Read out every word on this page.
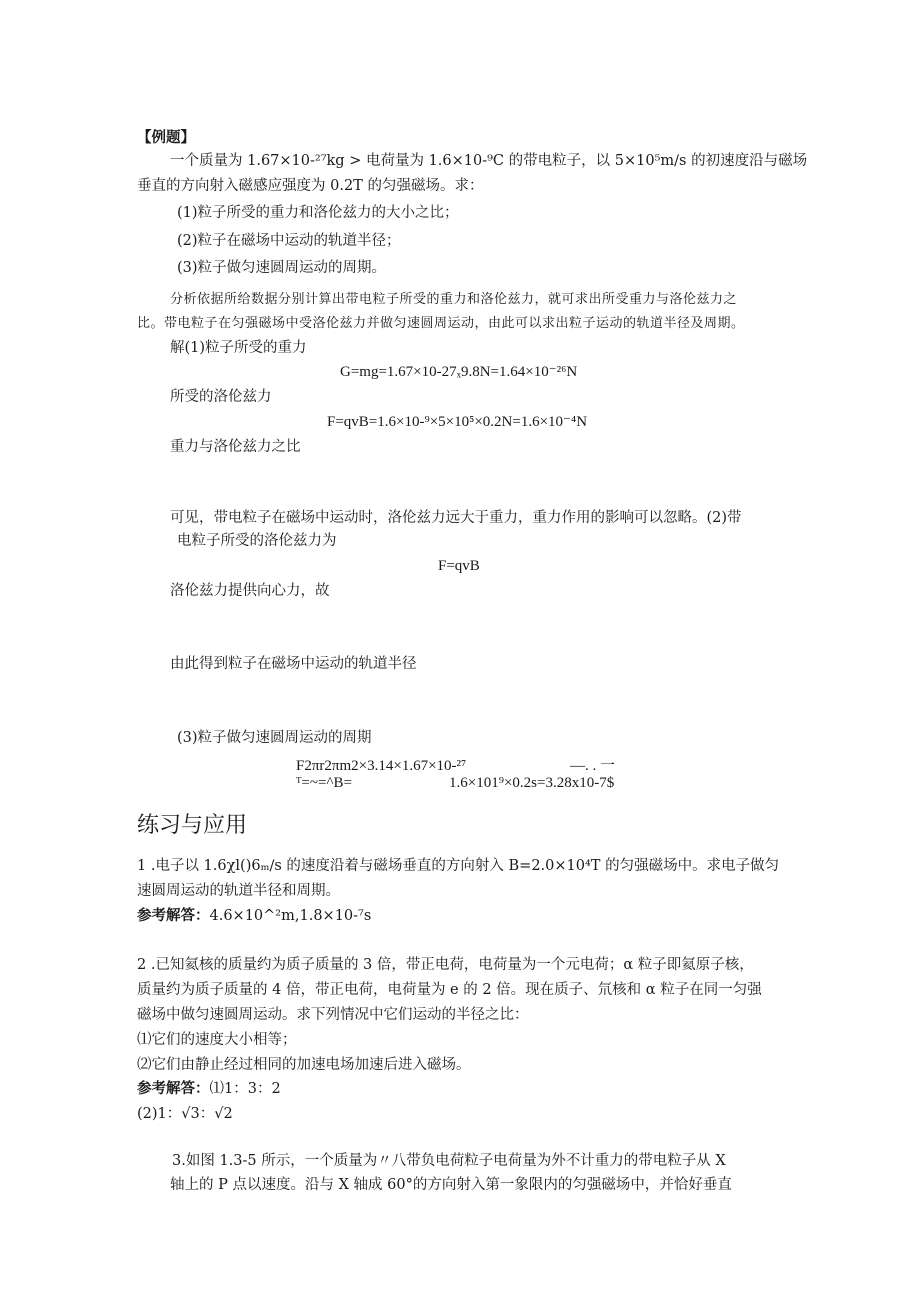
【例题】
一个质量为 1.67×10-²⁷kg > 电荷量为 1.6×10-⁹C 的带电粒子，以 5×10⁵m∕s 的初速度沿与磁场
垂直的方向射入磁感应强度为 0.2T 的匀强磁场。求：
(1)粒子所受的重力和洛伦兹力的大小之比；
(2)粒子在磁场中运动的轨道半径；
(3)粒子做匀速圆周运动的周期。
分析依据所给数据分别计算出带电粒子所受的重力和洛伦兹力，就可求出所受重力与洛伦兹力之
比。带电粒子在匀强磁场中受洛伦兹力并做匀速圆周运动，由此可以求出粒子运动的轨道半径及周期。
解(1)粒子所受的重力
G=mg=1.67×10-27ₓ9.8N=1.64×10⁻²⁶N
所受的洛伦兹力
F=qvB=1.6×10-⁹×5×10⁵×0.2N=1.6×10⁻⁴N
重力与洛伦兹力之比
可见，带电粒子在磁场中运动时，洛伦兹力远大于重力，重力作用的影响可以忽略。(2)带
电粒子所受的洛伦兹力为
F=qvB
洛伦兹力提供向心力，故
由此得到粒子在磁场中运动的轨道半径
(3)粒子做匀速圆周运动的周期
F2πr2πm2×3.14×1.67×10-²⁷	—. . 一
ᵀ=~=^B=	1.6×101⁹×0.2s=3.28x10-7$
练习与应用
1 .电子以 1.6χl()6ₘ∕s 的速度沿着与磁场垂直的方向射入 B=2.0×10⁴T 的匀强磁场中。求电子做匀
速圆周运动的轨道半径和周期。
参考解答：4.6×10^²m,1.8×10-⁷s
2 .已知氦核的质量约为质子质量的 3 倍，带正电荷，电荷量为一个元电荷；α 粒子即氦原子核，
质量约为质子质量的 4 倍，带正电荷，电荷量为 e 的 2 倍。现在质子、氘核和 α 粒子在同一匀强
磁场中做匀速圆周运动。求下列情况中它们运动的半径之比：
⑴它们的速度大小相等；
⑵它们由静止经过相同的加速电场加速后进入磁场。
参考解答：⑴1：3：2
(2)1：√3：√2
3.如图 1.3-5 所示，一个质量为〃八带负电荷粒子电荷量为外不计重力的带电粒子从 X
轴上的 P 点以速度。沿与 X 轴成 60°的方向射入第一象限内的匀强磁场中，并恰好垂直
